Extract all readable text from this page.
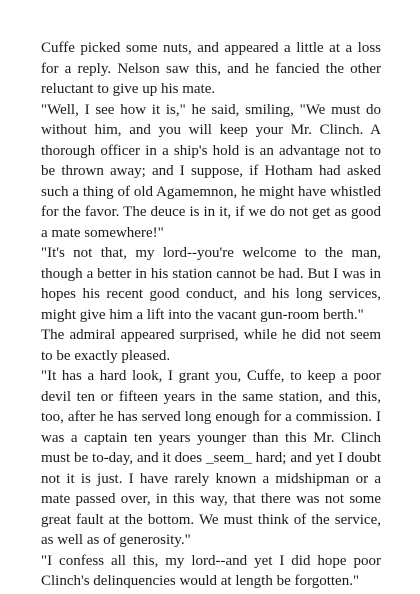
Cuffe picked some nuts, and appeared a little at a loss for a reply. Nelson saw this, and he fancied the other reluctant to give up his mate.

"Well, I see how it is," he said, smiling, "We must do without him, and you will keep your Mr. Clinch. A thorough officer in a ship's hold is an advantage not to be thrown away; and I suppose, if Hotham had asked such a thing of old Agamemnon, he might have whistled for the favor. The deuce is in it, if we do not get as good a mate somewhere!"

"It's not that, my lord--you're welcome to the man, though a better in his station cannot be had. But I was in hopes his recent good conduct, and his long services, might give him a lift into the vacant gun-room berth."

The admiral appeared surprised, while he did not seem to be exactly pleased.

"It has a hard look, I grant you, Cuffe, to keep a poor devil ten or fifteen years in the same station, and this, too, after he has served long enough for a commission. I was a captain ten years younger than this Mr. Clinch must be to-day, and it does _seem_ hard; and yet I doubt not it is just. I have rarely known a midshipman or a mate passed over, in this way, that there was not some great fault at the bottom. We must think of the service, as well as of generosity."

"I confess all this, my lord--and yet I did hope poor Clinch's delinquencies would at length be forgotten."
